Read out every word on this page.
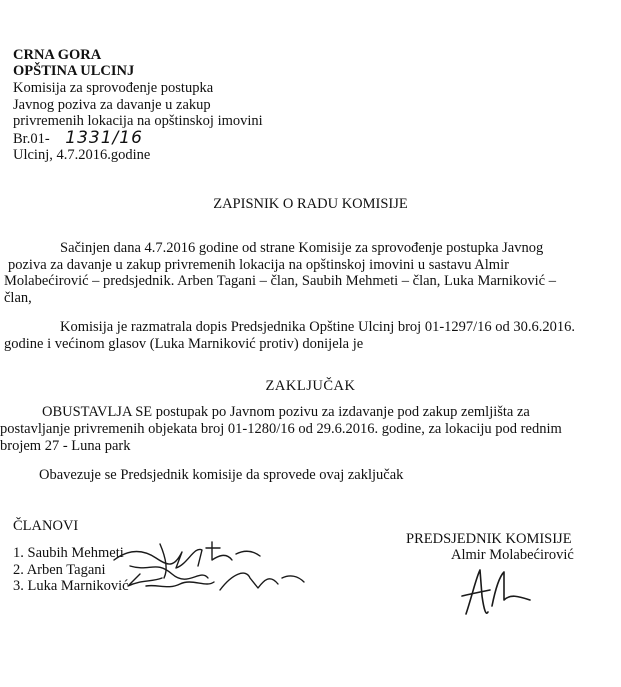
CRNA GORA
OPŠTINA ULCINJ
Komisija za sprovođenje postupka
Javnog poziva za davanje u zakup
privremenih lokacija na opštinskoj imovini
Br.01- 1331/16
Ulcinj, 4.7.2016.godine
ZAPISNIK O RADU KOMISIJE
Sačinjen dana 4.7.2016 godine od strane Komisije za sprovođenje postupka Javnog
poziva za davanje u zakup privremenih lokacija na opštinskoj imovini u sastavu Almir
Molabećirović – predsjednik. Arben Tagani – član, Saubih Mehmeti – član, Luka Marniković –
član,
Komisija je razmatrala dopis Predsjednika Opštine Ulcinj broj 01-1297/16 od 30.6.2016.
godine i većinom glasov (Luka Marniković protiv) donijela je
ZAKLJUČAK
OBUSTAVLJA SE postupak po Javnom pozivu za izdavanje pod zakup zemljišta za
postavljanje privremenih objekata broj 01-1280/16 od 29.6.2016. godine, za lokaciju pod rednim
brojem 27 - Luna park
Obavezuje se Predsjednik komisije da sprovede ovaj zaključak
ČLANOVI
1. Saubih Mehmeti
2. Arben Tagani
3. Luka Marniković
PREDSJEDNIK KOMISIJE
Almir Molabećirović
